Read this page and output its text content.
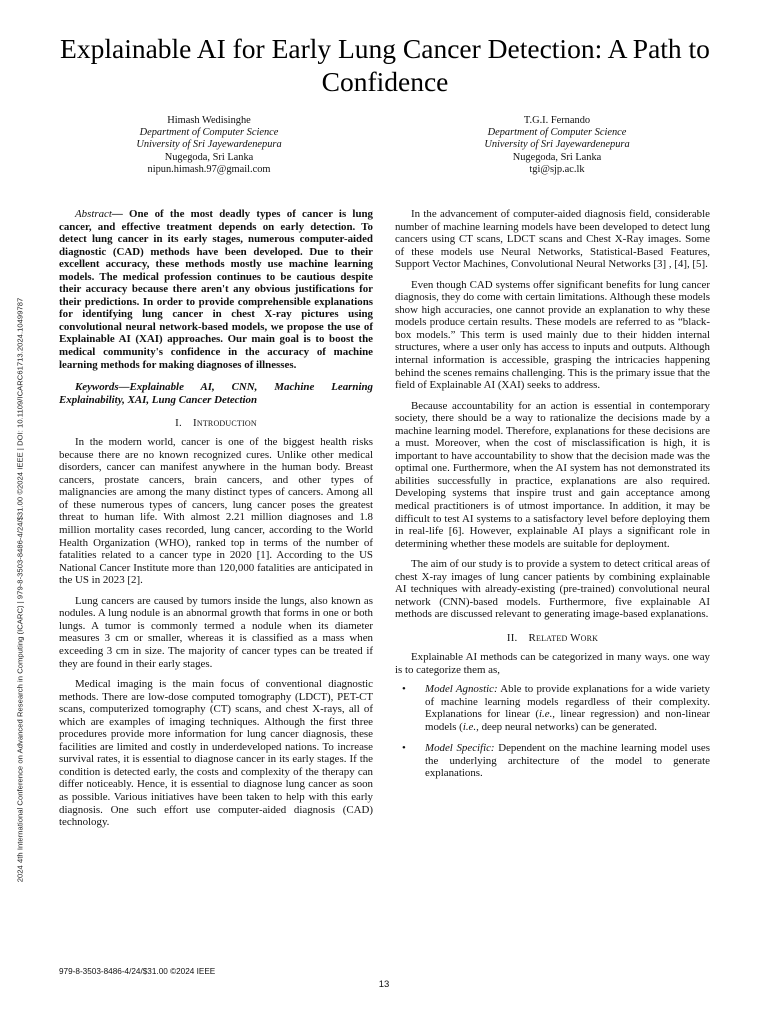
2024 4th International Conference on Advanced Research in Computing (ICARC) | 979-8-3503-8486-4/24/$31.00 ©2024 IEEE | DOI: 10.1109/ICARC61713.2024.10499787
Explainable AI for Early Lung Cancer Detection: A Path to Confidence
Himash Wedisinghe
Department of Computer Science
University of Sri Jayewardenepura
Nugegoda, Sri Lanka
nipun.himash.97@gmail.com
T.G.I. Fernando
Department of Computer Science
University of Sri Jayewardenepura
Nugegoda, Sri Lanka
tgi@sjp.ac.lk

Abstract— One of the most deadly types of cancer is lung cancer, and effective treatment depends on early detection. To detect lung cancer in its early stages, numerous computer-aided diagnostic (CAD) methods have been developed. Due to their excellent accuracy, these methods mostly use machine learning models. The medical profession continues to be cautious despite their accuracy because there aren't any obvious justifications for their predictions. In order to provide comprehensible explanations for identifying lung cancer in chest X-ray pictures using convolutional neural network-based models, we propose the use of Explainable AI (XAI) approaches. Our main goal is to boost the medical community's confidence in the accuracy of machine learning methods for making diagnoses of illnesses.

Keywords—Explainable AI, CNN, Machine Learning Explainability, XAI, Lung Cancer Detection

I. Introduction

In the modern world, cancer is one of the biggest health risks because there are no known recognized cures. Unlike other medical disorders, cancer can manifest anywhere in the human body. Breast cancers, prostate cancers, brain cancers, and other types of malignancies are among the many distinct types of cancers. Among all of these numerous types of cancers, lung cancer poses the greatest threat to human life. With almost 2.21 million diagnoses and 1.8 million mortality cases recorded, lung cancer, according to the World Health Organization (WHO), ranked top in terms of the number of fatalities related to a cancer type in 2020 [1]. According to the US National Cancer Institute more than 120,000 fatalities are anticipated in the US in 2023 [2].

Lung cancers are caused by tumors inside the lungs, also known as nodules. A lung nodule is an abnormal growth that forms in one or both lungs. A tumor is commonly termed a nodule when its diameter measures 3 cm or smaller, whereas it is classified as a mass when exceeding 3 cm in size. The majority of cancer types can be treated if they are found in their early stages.

Medical imaging is the main focus of conventional diagnostic methods. There are low-dose computed tomography (LDCT), PET-CT scans, computerized tomography (CT) scans, and chest X-rays, all of which are examples of imaging techniques. Although the first three procedures provide more information for lung cancer diagnosis, these facilities are limited and costly in underdeveloped nations. To increase survival rates, it is essential to diagnose cancer in its early stages. If the condition is detected early, the costs and complexity of the therapy can differ noticeably. Hence, it is essential to diagnose lung cancer as soon as possible. Various initiatives have been taken to help with this early diagnosis. One such effort use computer-aided diagnosis (CAD) technology.

In the advancement of computer-aided diagnosis field, considerable number of machine learning models have been developed to detect lung cancers using CT scans, LDCT scans and Chest X-Ray images. Some of these models use Neural Networks, Statistical-Based Features, Support Vector Machines, Convolutional Neural Networks [3] , [4], [5].

Even though CAD systems offer significant benefits for lung cancer diagnosis, they do come with certain limitations. Although these models show high accuracies, one cannot provide an explanation to why these models produce certain results. These models are referred to as “black-box models.” This term is used mainly due to their hidden internal structures, where a user only has access to inputs and outputs. Although internal information is accessible, grasping the intricacies happening behind the scenes remains challenging. This is the primary issue that the field of Explainable AI (XAI) seeks to address.

Because accountability for an action is essential in contemporary society, there should be a way to rationalize the decisions made by a machine learning model. Therefore, explanations for these decisions are a must. Moreover, when the cost of misclassification is high, it is important to have accountability to show that the decision made was the optimal one. Furthermore, when the AI system has not demonstrated its abilities successfully in practice, explanations are also required. Developing systems that inspire trust and gain acceptance among medical practitioners is of utmost importance. In addition, it may be difficult to test AI systems to a satisfactory level before deploying them in real-life [6]. However, explainable AI plays a significant role in determining whether these models are suitable for deployment.

The aim of our study is to provide a system to detect critical areas of chest X-ray images of lung cancer patients by combining explainable AI techniques with already-existing (pre-trained) convolutional neural network (CNN)-based models. Furthermore, five explainable AI methods are discussed relevant to generating image-based explanations.

II. Related Work

Explainable AI methods can be categorized in many ways. one way is to categorize them as,

• Model Agnostic: Able to provide explanations for a wide variety of machine learning models regardless of their complexity. Explanations for linear (i.e., linear regression) and non-linear models (i.e., deep neural networks) can be generated.
• Model Specific: Dependent on the machine learning model uses the underlying architecture of the model to generate explanations.
979-8-3503-8486-4/24/$31.00 ©2024 IEEE
13
